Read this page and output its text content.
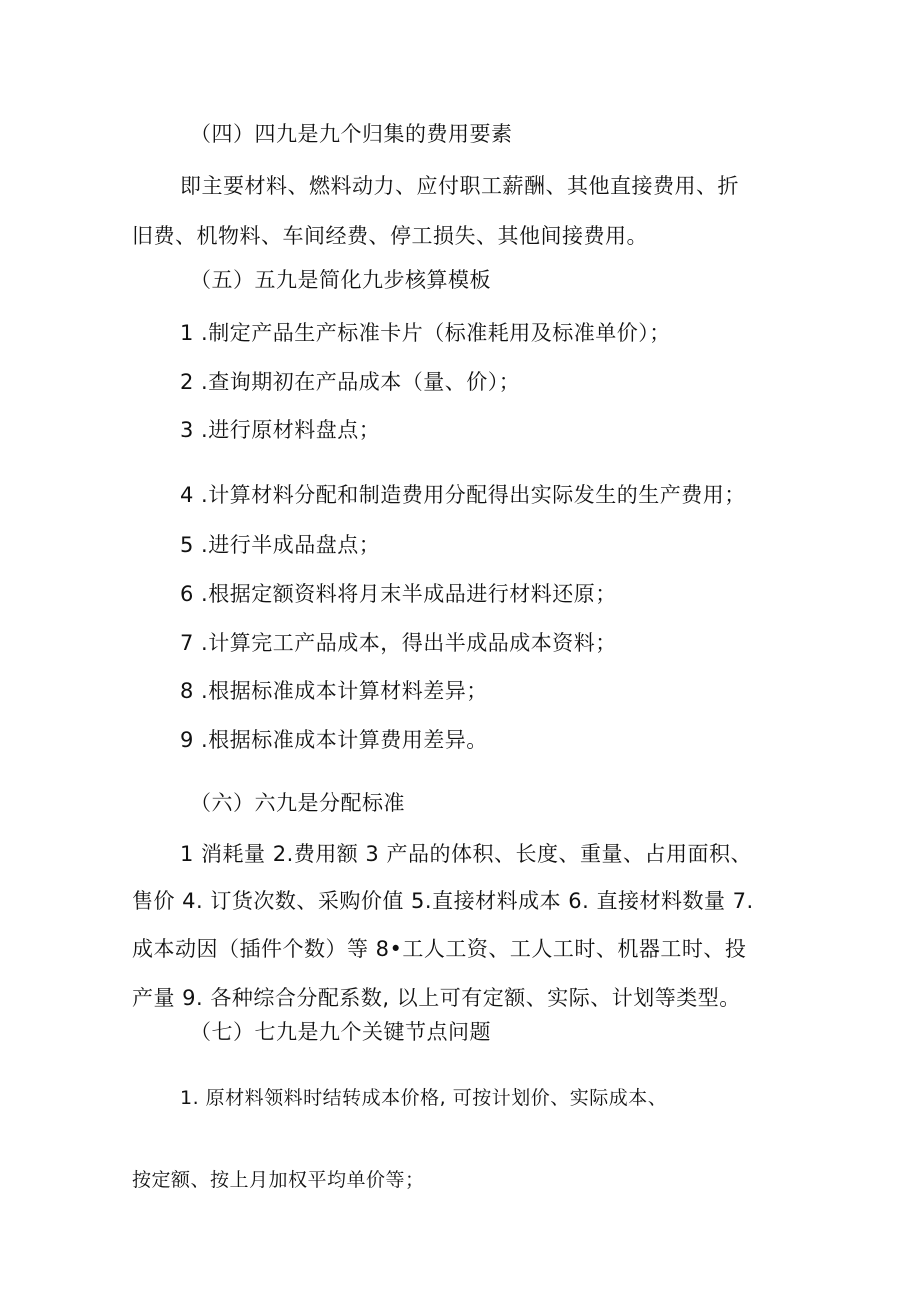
（四）四九是九个归集的费用要素
即主要材料、燃料动力、应付职工薪酬、其他直接费用、折
旧费、机物料、车间经费、停工损失、其他间接费用。
（五）五九是简化九步核算模板
1 .制定产品生产标准卡片（标准耗用及标准单价）；
2 .查询期初在产品成本（量、价）；
3 .进行原材料盘点；
4 .计算材料分配和制造费用分配得出实际发生的生产费用；
5 .进行半成品盘点；
6 .根据定额资料将月末半成品进行材料还原；
7 .计算完工产品成本，得出半成品成本资料；
8 .根据标准成本计算材料差异；
9 .根据标准成本计算费用差异。
（六）六九是分配标准
1 消耗量 2.费用额 3 产品的体积、长度、重量、占用面积、
售价 4. 订货次数、采购价值 5.直接材料成本 6. 直接材料数量 7.
成本动因（插件个数）等 8•工人工资、工人工时、机器工时、投
产量 9. 各种综合分配系数, 以上可有定额、实际、计划等类型。
（七）七九是九个关键节点问题
1. 原材料领料时结转成本价格, 可按计划价、实际成本、
按定额、按上月加权平均单价等；
